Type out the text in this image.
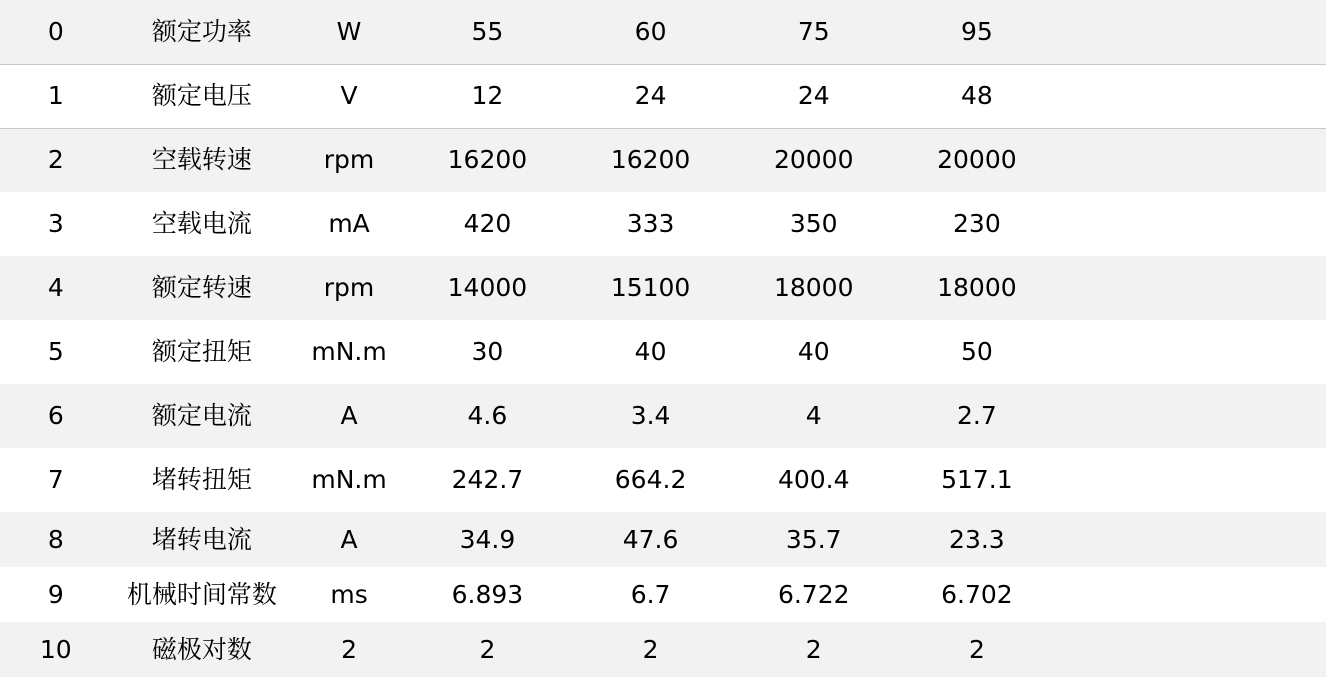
0	额定功率	W	55	60	75	95	
1	额定电压	V	12	24	24	48	
2	空载转速	rpm	16200	16200	20000	20000	
3	空载电流	mA	420	333	350	230	
4	额定转速	rpm	14000	15100	18000	18000	
5	额定扭矩	mN.m	30	40	40	50	
6	额定电流	A	4.6	3.4	4	2.7	
7	堵转扭矩	mN.m	242.7	664.2	400.4	517.1	
8	堵转电流	A	34.9	47.6	35.7	23.3	
9	机械时间常数	ms	6.893	6.7	6.722	6.702	
10	磁极对数	2	2	2	2	2	
